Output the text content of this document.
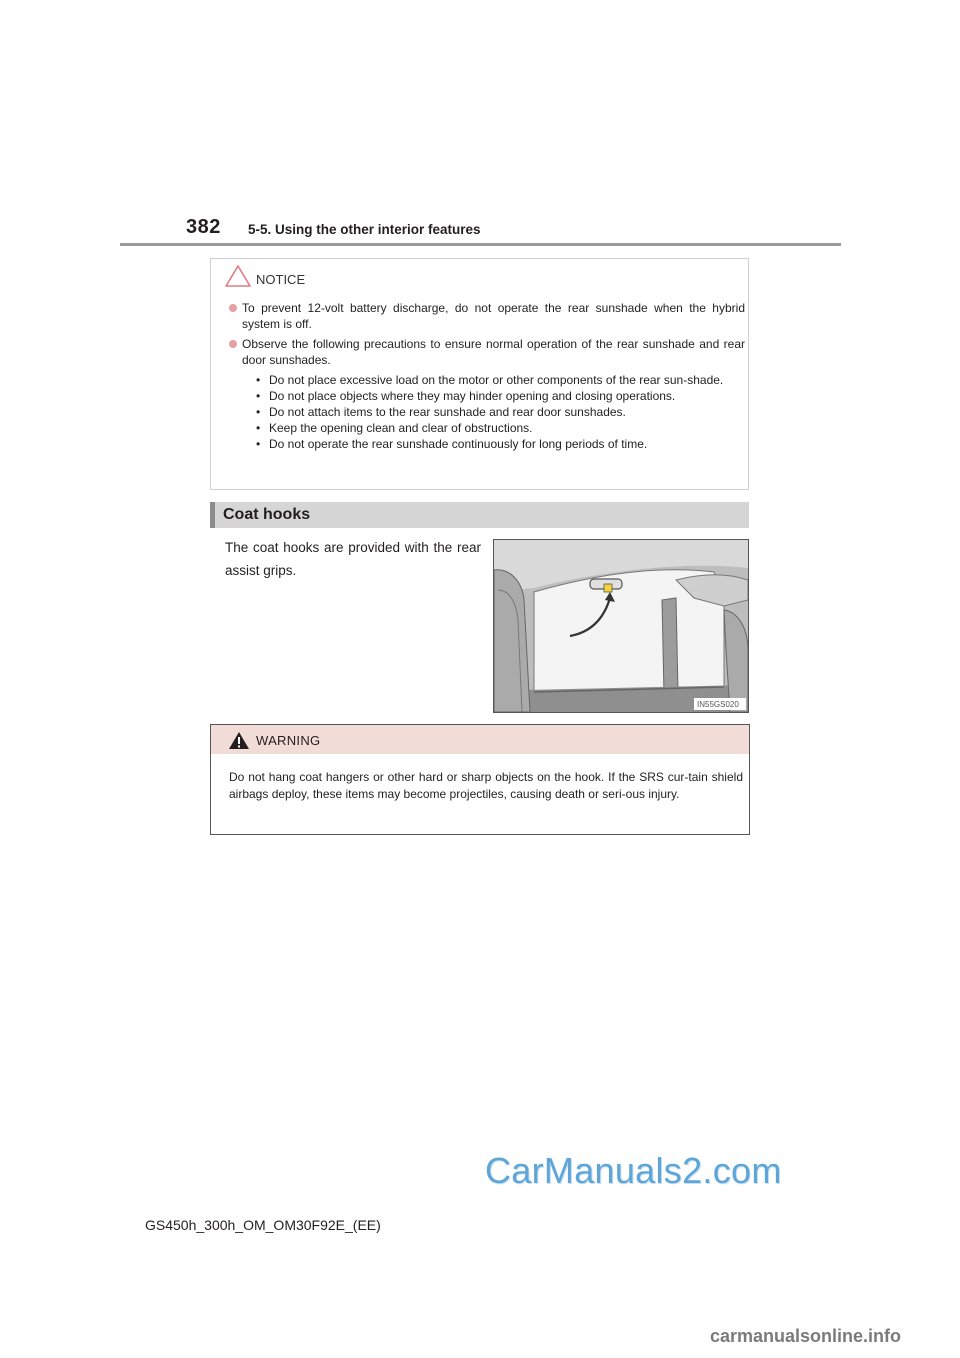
382 5-5. Using the other interior features
NOTICE
To prevent 12-volt battery discharge, do not operate the rear sunshade when the hybrid system is off.
Observe the following precautions to ensure normal operation of the rear sunshade and rear door sunshades.
• Do not place excessive load on the motor or other components of the rear sun-shade.
• Do not place objects where they may hinder opening and closing operations.
• Do not attach items to the rear sunshade and rear door sunshades.
• Keep the opening clean and clear of obstructions.
• Do not operate the rear sunshade continuously for long periods of time.
Coat hooks
The coat hooks are provided with the rear assist grips.
IN55GS020
WARNING
Do not hang coat hangers or other hard or sharp objects on the hook. If the SRS cur-tain shield airbags deploy, these items may become projectiles, causing death or seri-ous injury.
CarManuals2.com
GS450h_300h_OM_OM30F92E_(EE)
carmanualsonline.info
